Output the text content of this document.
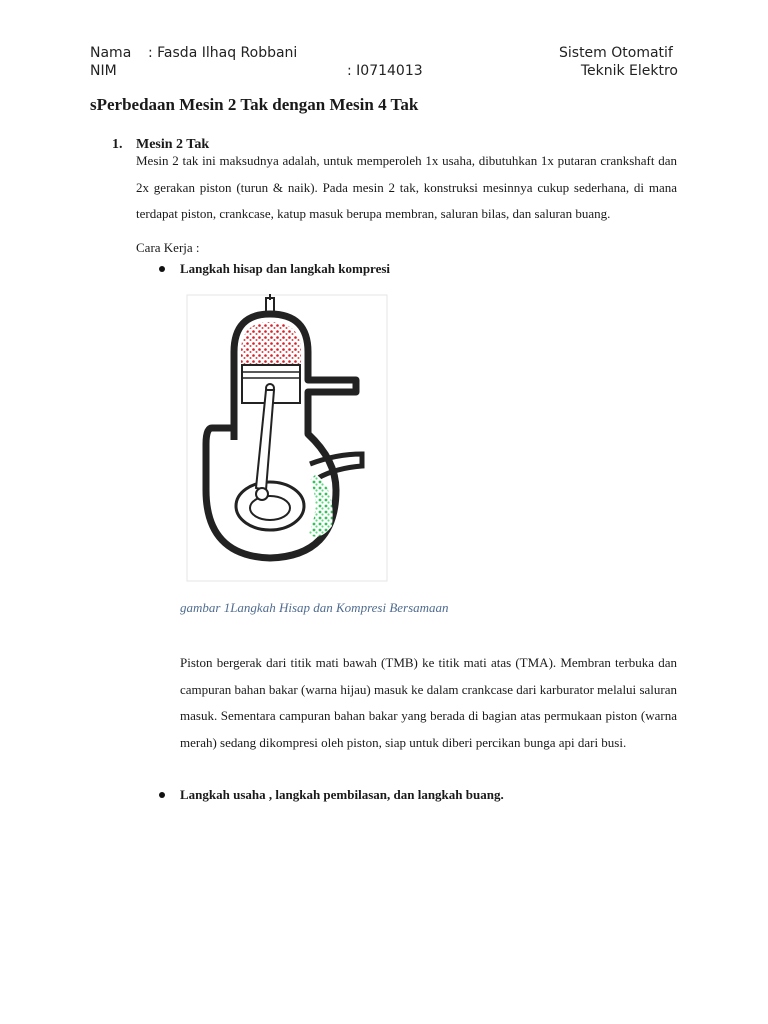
Nama : Fasda Ilhaq Robbani
NIM	: I0714013
Sistem Otomatif
Teknik Elektro
sPerbedaan Mesin 2 Tak dengan Mesin 4 Tak
1. Mesin 2 Tak
Mesin 2 tak ini maksudnya adalah, untuk memperoleh 1x usaha, dibutuhkan 1x putaran crankshaft dan 2x gerakan piston (turun & naik). Pada mesin 2 tak, konstruksi mesinnya cukup sederhana, di mana terdapat piston, crankcase, katup masuk berupa membran, saluran bilas, dan saluran buang.
Cara Kerja :
Langkah hisap dan langkah kompresi
gambar 1Langkah Hisap dan Kompresi Bersamaan
Piston bergerak dari titik mati bawah (TMB) ke titik mati atas (TMA). Membran terbuka dan campuran bahan bakar (warna hijau) masuk ke dalam crankcase dari karburator melalui saluran masuk. Sementara campuran bahan bakar yang berada di bagian atas permukaan piston (warna merah) sedang dikompresi oleh piston, siap untuk diberi percikan bunga api dari busi.
Langkah usaha , langkah pembilasan, dan langkah buang.
